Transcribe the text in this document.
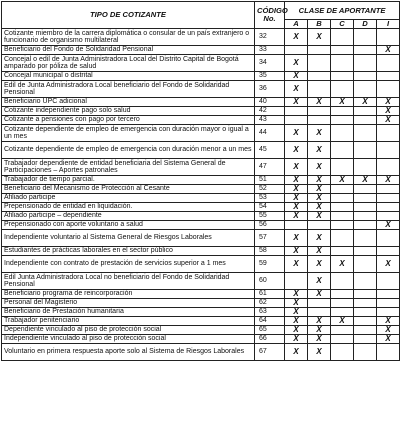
TIPO DE COTIZANTE	CÓDIGO No.	CLASE DE APORTANTE				
		A	B	C	D	I
Cotizante miembro de la carrera diplomática o consular de un país extranjero o funcionario de organismo multilateral	32	X	X			
Beneficiario del Fondo de Solidaridad Pensional	33					X
Concejal o edil de Junta Administradora Local del Distrito Capital de Bogotá amparado por póliza de salud	34	X				
Concejal municipal o distrital	35	X				
Edil de Junta Administradora Local beneficiario del Fondo de Solidaridad Pensional	36	X				
Beneficiario UPC adicional	40	X	X	X	X	X
Cotizante independiente pago solo salud	42					X
Cotizante a pensiones con pago por tercero	43					X
Cotizante dependiente de empleo de emergencia con duración mayor o igual a un mes	44	X	X			
Cotizante dependiente de empleo de emergencia con duración menor a un mes	45	X	X			
Trabajador dependiente de entidad beneficiaria del Sistema General de Participaciones – Aportes patronales	47	X	X			
Trabajador de tiempo parcial.	51	X	X	X	X	X
Beneficiario del Mecanismo de Protección al Cesante	52	X	X			
Afiliado participe	53	X	X			
Prepensionado de entidad en liquidación.	54	X	X			
Afiliado participe – dependiente	55	X	X			
Prepensionado con aporte voluntario a salud	56					X
Independiente voluntario al Sistema General de Riesgos Laborales	57	X	X			
Estudiantes de prácticas laborales en el sector público	58	X	X			
Independiente con contrato de prestación de servicios superior a 1 mes	59	X	X	X		X
Edil Junta Administradora Local no beneficiario del Fondo de Solidaridad Pensional	60		X			
Beneficiario programa de reincorporación	61	X	X			
Personal del Magisterio	62	X				
Beneficiario de Prestación humanitaria	63	X				
Trabajador penitenciario	64	X	X	X		X
Dependiente vinculado al piso de protección social	65	X	X			X
Independiente vinculado al piso de protección social	66	X	X			X
Voluntario en primera respuesta aporte solo al Sistema de Riesgos Laborales	67	X	X			
